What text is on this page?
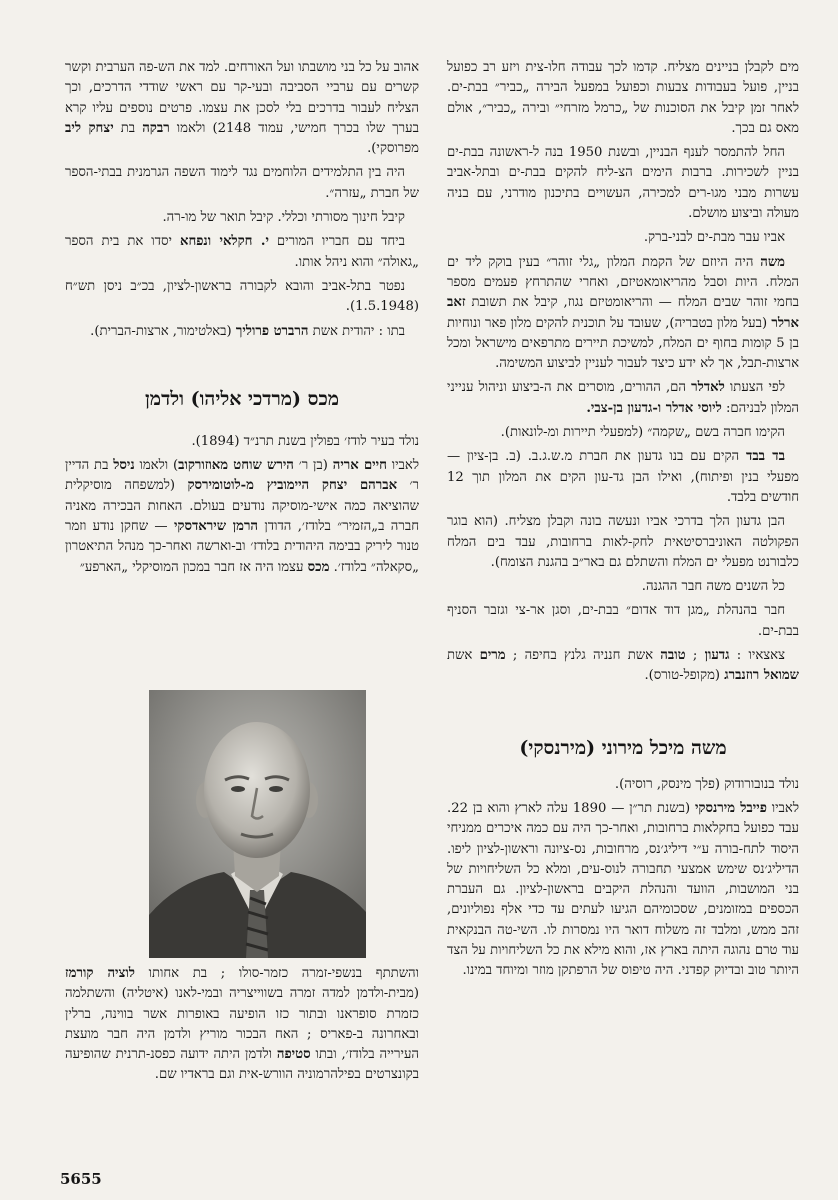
מים לקבלן בניינים מצליח. קדמו לכך עבודה חלו-צית ויזע רב כפועל בניין, פועל בעבודות צבעות וכפועל במפעל הבירה „כביר״ בבת-ים. לאחר זמן קיבל את הסוכנות של „כרמל מזרחי״ ובירה „כביר״, אולם מאס גם בכך.

החל להתמסר לענף הבניין, ובשנת 1950 בנה ל-ראשונה בבת-ים בניין לשכירות. ברבות הימים הצ-ליח להקים בבת-ים ובתל-אביב עשרות מבני מגו-רים למכירה, העשויים בתיכנון מודרני, עם בניה מעולה וביצוע מושלם.

אביו עבר מבת-ים לבני-ברק.

משה היה היוזם של הקמת המלון „גלי זוהר״ בעין בוקק ליד ים המלח. היות וסבל מהריאומאטיזם, ואחרי שהתרחץ פעמים מספר בחמי זוהר שבים המלח — והריאומטיזם נגוז, קיבל את תשובת זאב ארלר (בעל מלון בטבריה), שעובד על תוכנית להקים מלון פאר ונוחיות בן 5 קומות בחוף ים המלח, למשיכת תיירים מתרפאים מישראל ומכל ארצות-תבל, אך לא ידע כיצד לעבור לעניין לביצוע המשימה.

לפי הצעתו לאדלר הם, ההורים, מוסרים את ה-ביצוע וניהול ענייני המלון לבניהם: ליוסי אדלר ו-גדעון בן-צבי.

הקימו חברה בשם „שקמה״ (למפעלי תיירות ומ-לונאות).

בד בבד הקים עם בנו גדעון את חברת מ.ש.ג.ב. (ב. בן-ציון — מפעלי בנין ופיתוח), ואילו הבן גד-עון הקים את המלון תוך 12 חודשים בלבד.

הבן גדעון הלך בדרכי אביו ונעשה בונה וקבלן מצליח. (הוא בוגר הפקולטה האוניברסיטאית לחק-לאות ברחובות, עבד בים המלח כלבורנט מפעלי ים המלח והשתלם גם באר״ב בהגנת הצומח).

כל השנים משה חבר ההגנה.

חבר בהנהלת „מגן דוד אדום״ בבת-ים, וסגן אר-צי וגזבר הסניף בבת-ים.

צאצאיו : גדעון ; טובה אשת חנניה גלנץ בחיפה ; מרים אשת שמואל רוזנברג (מקופל-טורס).

משה מיכל מירוני (מירנסקי)

נולד בנובורודוק (פלך מינסק, רוסיה).

לאביו פייבל מירנסקי (בשנת תר״ן — 1890 עלה לארץ והוא בן 22. עבד כפועל בחקלאות ברחובות, ואחר-כך היה עם כמה איכרים ממניחי היסוד לתח-בורה ע״י דיליג׳נס, מרחובות, נס-ציונה וראשון-לציון ליפו. הדיליג׳נס שימש אמצעי תחבורה לנוס-עים, ומלא כל השליחויות של בני המושבות, הוועד והנהלת היקבים בראשון-לציון. גם העברת הכספים במזומנים, שסכומיהם הגיעו לעתים עד כדי אלף נפוליונים, זהב ממש, ומלבד זה משלוח דואר היו נמסרות לו. השי-טה הבנקאית עוד טרם נהוגה היתה בארץ אז, והוא מילא את כל השליחויות על הצד היותר טוב ובדיוק קפדני. היה טיפוס של הרפתקן מוזר ומיוחד במינו.

אהוב על כל בני מושבתו ועל האורחים. למד את הש-פה הערבית וקשר קשרים עם ערביי הסביבה ובעי-קר עם ראשי שודדי הדרכים, וכך הצליח לעבור בדרכים בלי לסכן את עצמו. פרטים נוספים עליו קרא בערך שלו בכרך חמישי, עמוד 2148) ולאמו רבקה בת יצחק ליב מפרוסקי).

היה בין התלמידים הלוחמים נגד לימוד השפה הגרמנית בבתי-הספר של חברת „עזרה״.

קיבל חינוך מסורתי וכללי. קיבל תואר של מו-רה.

ביחד עם חבריו המורים י. חקלאי ונפחא יסדו את בית הספר „גאולה״ והוא ניהל אותו.

נפטר בתל-אביב והובא לקבורה בראשון-לציון, בכ״ב ניסן תש״ח (1.5.1948).

בתו : יהודית אשת הרברט פרוליך (באלטימור, ארצות-הברית).

מכס (מרדכי אליהו) ולדמן

נולד בעיר לודז׳ בפולין בשנת תרנ״ד (1894).

לאביו חיים אריה (בן ר׳ הירש שוחט מאוזורקוב) ולאמו ניסל בת הדיין ר׳ אברהם יצחק היימוביץ מ-לוטומירסק (למשפחה מוסיקלית שהוציאה כמה אישי-מוסיקה נודעים בעולם. האחות הבכירה מאניה חברה ב„הזמיר״ בלודז׳, הדודן הרמן שיראדסקי — שחקן נודע וזמר טנור ליריק בבימה היהודית בלודז׳ וב-וארשה ואחר-כך מנהל התיאטרון „סקאלה״ בלודז׳. מכס עצמו היה אז חבר במכון המוסיקלי „הארפע״

והשתתף בנשפי-זמרה כזמר-סולו ; בת אחותו לוציה קורמז (מבית-ולדמן למדה זמרה בשווייצריה ובמי-לאנו (איטליה) והשתלמה כזמרת סופראנו ובתור כזו הופיעה באופרות אשר בווינה, ברלין ובאחרונה ב-פאריס ; האח הבכור מוריץ ולדמן היה חבר מועצת העירייה בלודז׳, ובתו סטיפה ולדמן היתה ידועה כפסנ-תרנית שהופיעה בקונצרטים בפילהרמוניה הוורש-אית וגם בראדיו שם.

5655
